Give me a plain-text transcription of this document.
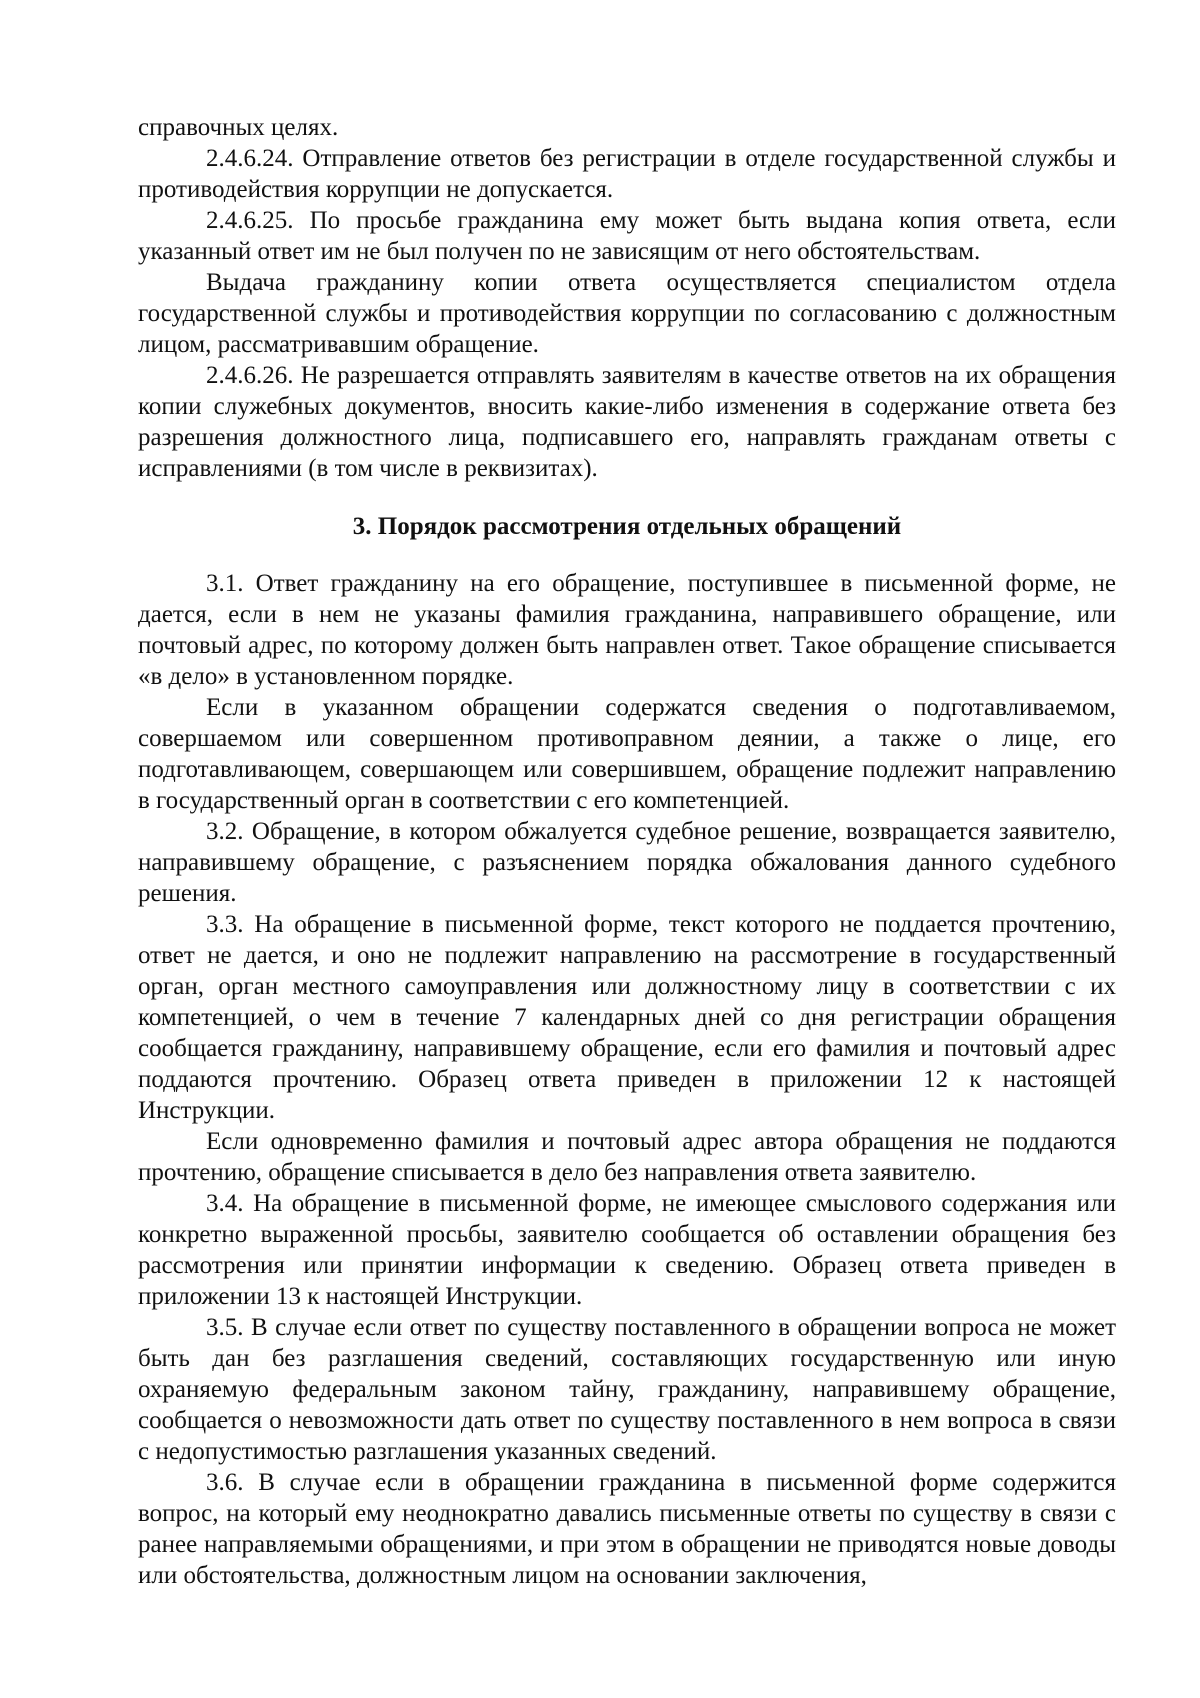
справочных целях.

2.4.6.24. Отправление ответов без регистрации в отделе государственной службы и противодействия коррупции не допускается.

2.4.6.25. По просьбе гражданина ему может быть выдана копия ответа, если указанный ответ им не был получен по не зависящим от него обстоятельствам.

Выдача гражданину копии ответа осуществляется специалистом отдела государственной службы и противодействия коррупции по согласованию с должностным лицом, рассматривавшим обращение.

2.4.6.26. Не разрешается отправлять заявителям в качестве ответов на их обращения копии служебных документов, вносить какие-либо изменения в содержание ответа без разрешения должностного лица, подписавшего его, направлять гражданам ответы с исправлениями (в том числе в реквизитах).

3. Порядок рассмотрения отдельных обращений

3.1. Ответ гражданину на его обращение, поступившее в письменной форме, не дается, если в нем не указаны фамилия гражданина, направившего обращение, или почтовый адрес, по которому должен быть направлен ответ. Такое обращение списывается «в дело» в установленном порядке.

Если в указанном обращении содержатся сведения о подготавливаемом, совершаемом или совершенном противоправном деянии, а также о лице, его подготавливающем, совершающем или совершившем, обращение подлежит направлению в государственный орган в соответствии с его компетенцией.

3.2. Обращение, в котором обжалуется судебное решение, возвращается заявителю, направившему обращение, с разъяснением порядка обжалования данного судебного решения.

3.3. На обращение в письменной форме, текст которого не поддается прочтению, ответ не дается, и оно не подлежит направлению на рассмотрение в государственный орган, орган местного самоуправления или должностному лицу в соответствии с их компетенцией, о чем в течение 7 календарных дней со дня регистрации обращения сообщается гражданину, направившему обращение, если его фамилия и почтовый адрес поддаются прочтению. Образец ответа приведен в приложении 12 к настоящей Инструкции.

Если одновременно фамилия и почтовый адрес автора обращения не поддаются прочтению, обращение списывается в дело без направления ответа заявителю.

3.4. На обращение в письменной форме, не имеющее смыслового содержания или конкретно выраженной просьбы, заявителю сообщается об оставлении обращения без рассмотрения или принятии информации к сведению. Образец ответа приведен в приложении 13 к настоящей Инструкции.

3.5. В случае если ответ по существу поставленного в обращении вопроса не может быть дан без разглашения сведений, составляющих государственную или иную охраняемую федеральным законом тайну, гражданину, направившему обращение, сообщается о невозможности дать ответ по существу поставленного в нем вопроса в связи с недопустимостью разглашения указанных сведений.

3.6. В случае если в обращении гражданина в письменной форме содержится вопрос, на который ему неоднократно давались письменные ответы по существу в связи с ранее направляемыми обращениями, и при этом в обращении не приводятся новые доводы или обстоятельства, должностным лицом на основании заключения,
